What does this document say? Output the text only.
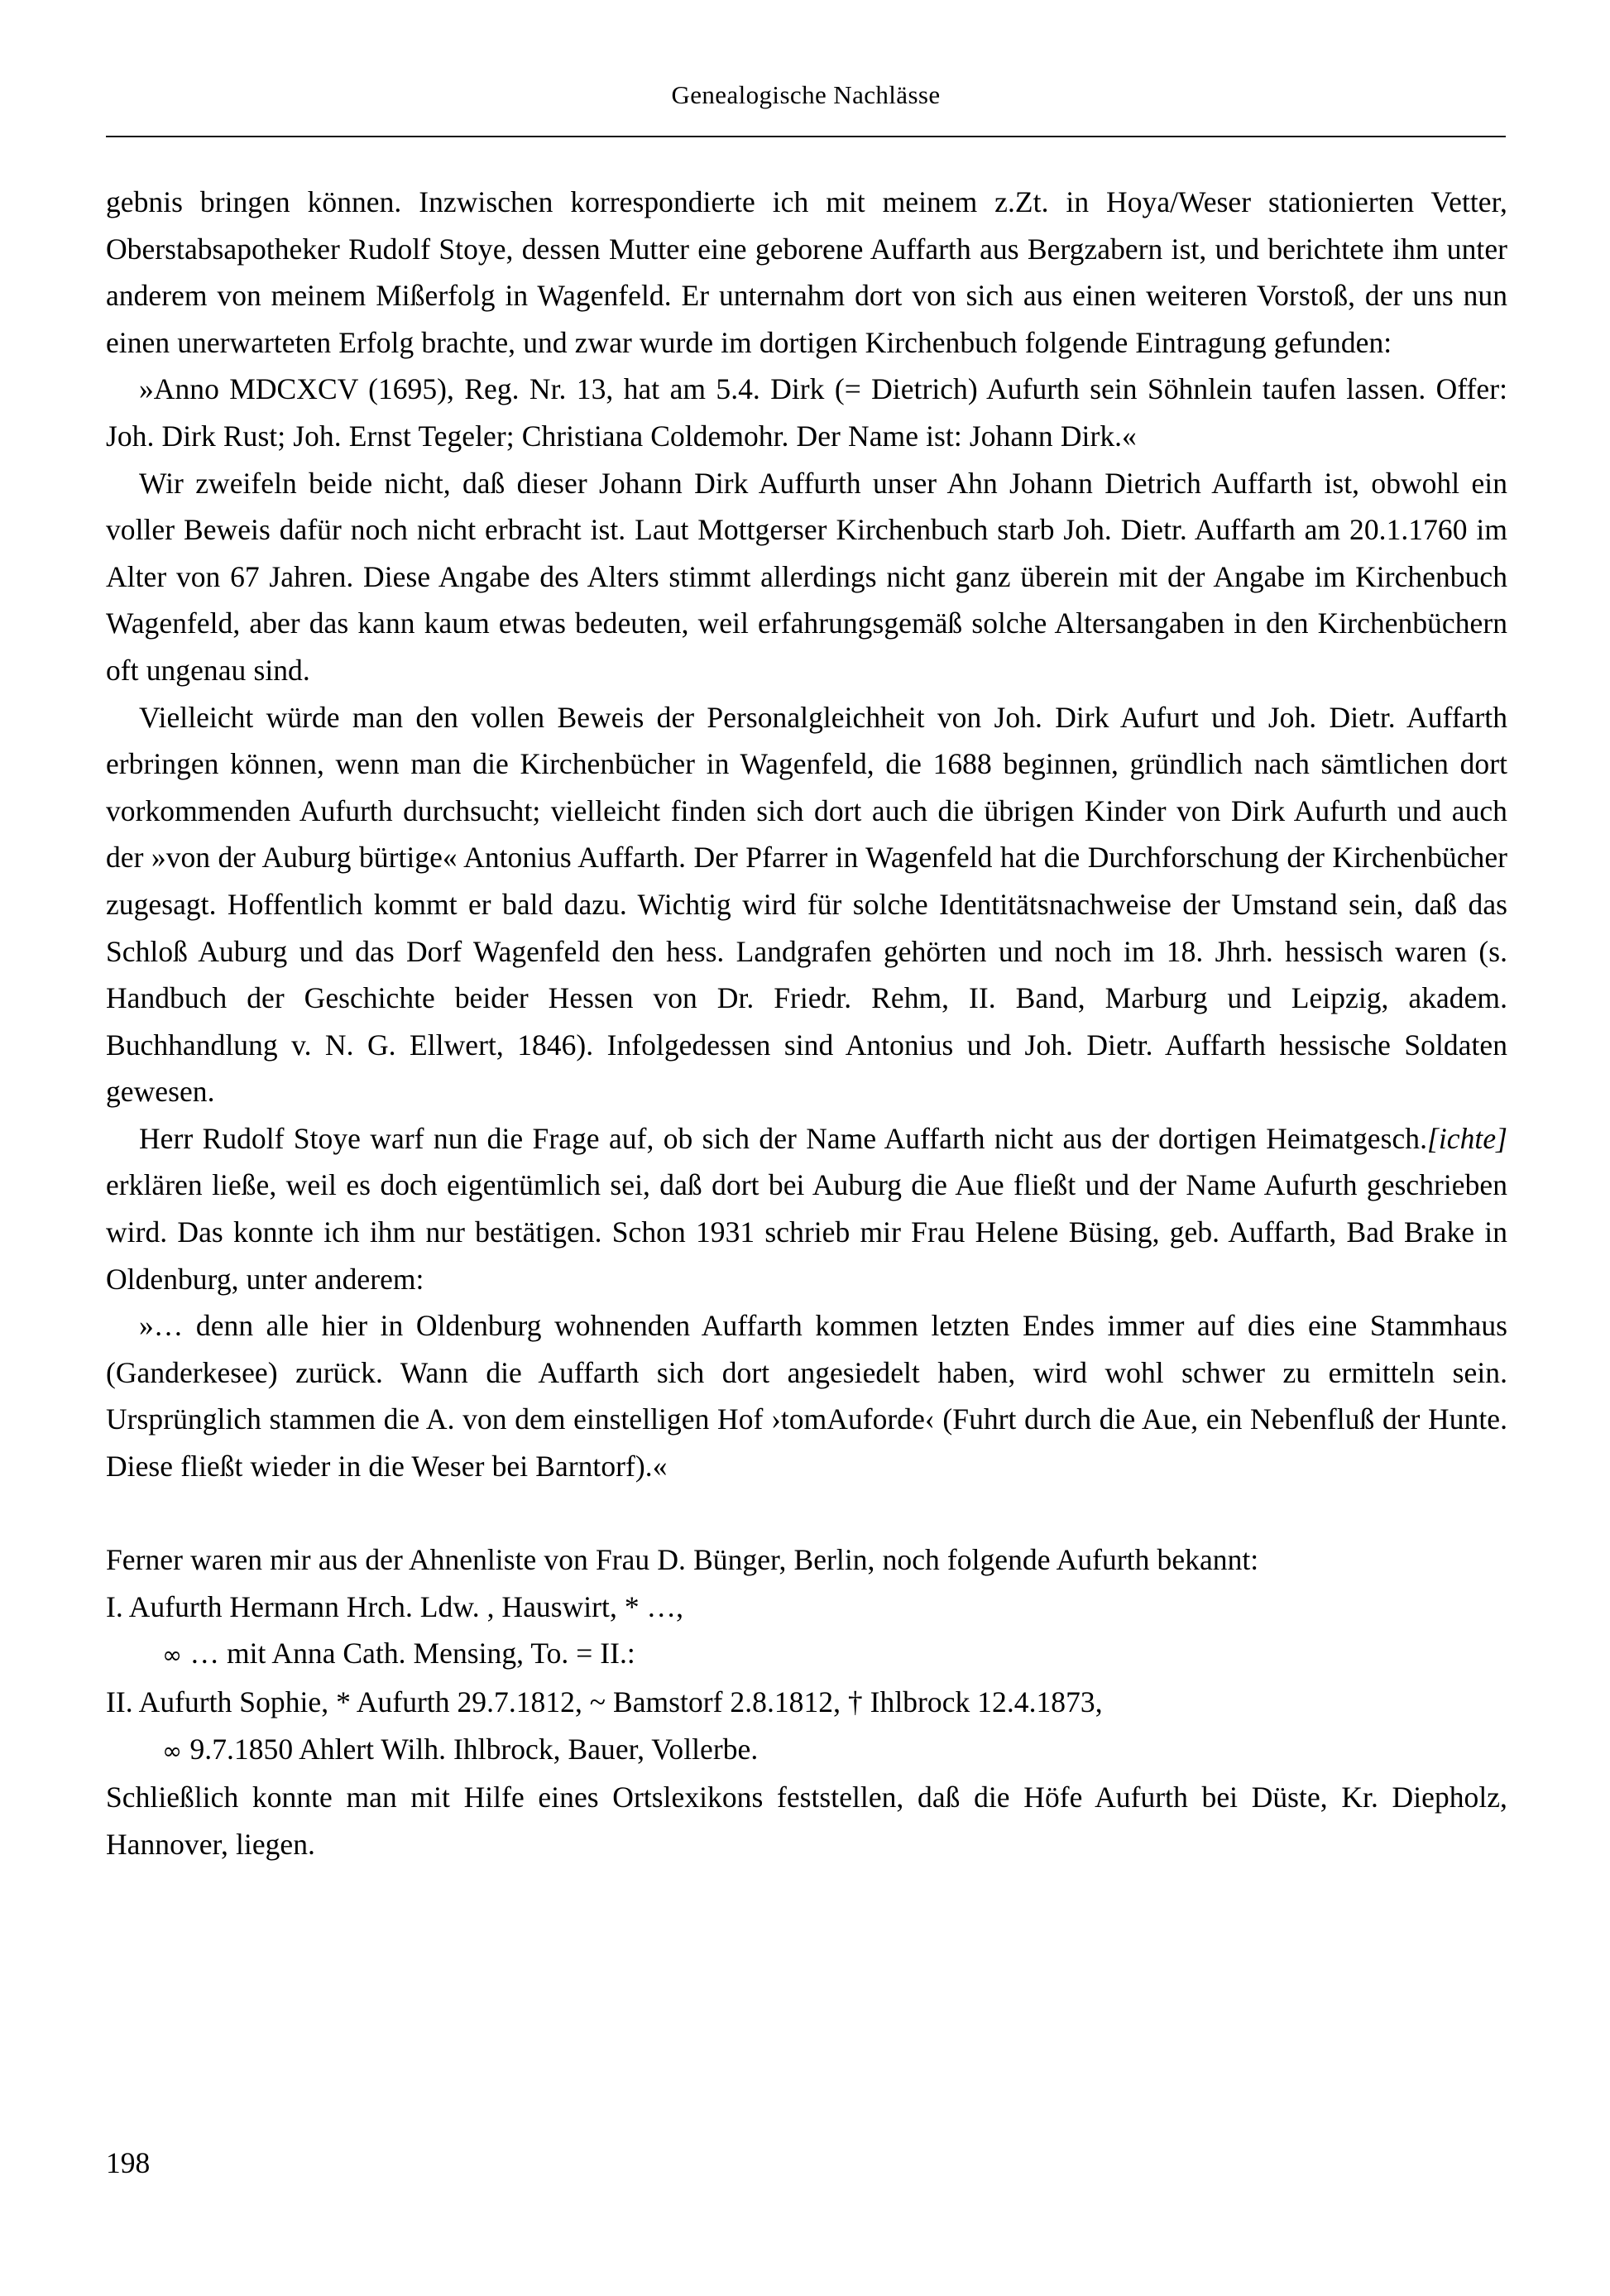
Genealogische Nachlässe

gebnis bringen können. Inzwischen korrespondierte ich mit meinem z.Zt. in Hoya/Weser stationierten Vetter, Oberstabsapotheker Rudolf Stoye, dessen Mutter eine geborene Auffarth aus Bergzabern ist, und berichtete ihm unter anderem von meinem Mißerfolg in Wagenfeld. Er unternahm dort von sich aus einen weiteren Vorstoß, der uns nun einen unerwarteten Erfolg brachte, und zwar wurde im dortigen Kirchenbuch folgende Eintragung gefunden:

»Anno MDCXCV (1695), Reg. Nr. 13, hat am 5.4. Dirk (= Dietrich) Aufurth sein Söhnlein taufen lassen. Offer: Joh. Dirk Rust; Joh. Ernst Tegeler; Christiana Coldemohr. Der Name ist: Johann Dirk.«

Wir zweifeln beide nicht, daß dieser Johann Dirk Auffurth unser Ahn Johann Dietrich Auffarth ist, obwohl ein voller Beweis dafür noch nicht erbracht ist. Laut Mottgerser Kirchenbuch starb Joh. Dietr. Auffarth am 20.1.1760 im Alter von 67 Jahren. Diese Angabe des Alters stimmt allerdings nicht ganz überein mit der Angabe im Kirchenbuch Wagenfeld, aber das kann kaum etwas bedeuten, weil erfahrungsgemäß solche Altersangaben in den Kirchenbüchern oft ungenau sind.

Vielleicht würde man den vollen Beweis der Personalgleichheit von Joh. Dirk Aufurt und Joh. Dietr. Auffarth erbringen können, wenn man die Kirchenbücher in Wagenfeld, die 1688 beginnen, gründlich nach sämtlichen dort vorkommenden Aufurth durchsucht; vielleicht finden sich dort auch die übrigen Kinder von Dirk Aufurth und auch der »von der Auburg bürtige« Antonius Auffarth. Der Pfarrer in Wagenfeld hat die Durchforschung der Kirchenbücher zugesagt. Hoffentlich kommt er bald dazu. Wichtig wird für solche Identitätsnachweise der Umstand sein, daß das Schloß Auburg und das Dorf Wagenfeld den hess. Landgrafen gehörten und noch im 18. Jhrh. hessisch waren (s. Handbuch der Geschichte beider Hessen von Dr. Friedr. Rehm, II. Band, Marburg und Leipzig, akadem. Buchhandlung v. N. G. Ellwert, 1846). Infolgedessen sind Antonius und Joh. Dietr. Auffarth hessische Soldaten gewesen.

Herr Rudolf Stoye warf nun die Frage auf, ob sich der Name Auffarth nicht aus der dortigen Heimatgesch.[ichte] erklären ließe, weil es doch eigentümlich sei, daß dort bei Auburg die Aue fließt und der Name Aufurth geschrieben wird. Das konnte ich ihm nur bestätigen. Schon 1931 schrieb mir Frau Helene Büsing, geb. Auffarth, Bad Brake in Oldenburg, unter anderem:

»… denn alle hier in Oldenburg wohnenden Auffarth kommen letzten Endes immer auf dies eine Stammhaus (Ganderkesee) zurück. Wann die Auffarth sich dort angesiedelt haben, wird wohl schwer zu ermitteln sein. Ursprünglich stammen die A. von dem einstelligen Hof ›tomAuforde‹ (Fuhrt durch die Aue, ein Nebenfluß der Hunte. Diese fließt wieder in die Weser bei Barntorf).«

Ferner waren mir aus der Ahnenliste von Frau D. Bünger, Berlin, noch folgende Aufurth bekannt:

I. Aufurth Hermann Hrch. Ldw. , Hauswirt, * …,
∞ … mit Anna Cath. Mensing, To. = II.:
II. Aufurth Sophie, * Aufurth 29.7.1812, ~ Bamstorf 2.8.1812, † Ihlbrock 12.4.1873,
∞ 9.7.1850 Ahlert Wilh. Ihlbrock, Bauer, Vollerbe.

Schließlich konnte man mit Hilfe eines Ortslexikons feststellen, daß die Höfe Aufurth bei Düste, Kr. Diepholz, Hannover, liegen.

198
